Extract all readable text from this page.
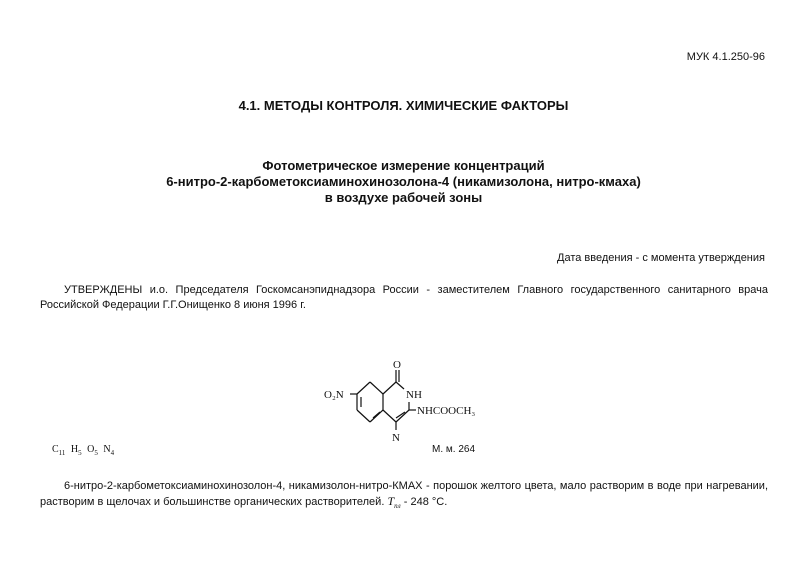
МУК 4.1.250-96
4.1. МЕТОДЫ КОНТРОЛЯ. ХИМИЧЕСКИЕ ФАКТОРЫ
Фотометрическое измерение концентраций
6-нитро-2-карбометоксиаминохинозолона-4 (никамизолона, нитро-кмаха)
в воздухе рабочей зоны
Дата введения - с момента утверждения
УТВЕРЖДЕНЫ и.о. Председателя Госкомсанэпиднадзора России - заместителем Главного государственного санитарного врача Российской Федерации Г.Г.Онищенко 8 июня 1996 г.
O
NH
O₂N
NHCOOCH₃
N
$C_{11}$ $H_5$ $O_5$ $N_4$	М. м. 264
6-нитро-2-карбометоксиаминохинозолон-4, никамизолон-нитро-КМАХ - порошок желтого цвета, мало растворим в воде при нагревании, растворим в щелочах и большинстве органических растворителей. $T_{пл} - 248$ °С.
